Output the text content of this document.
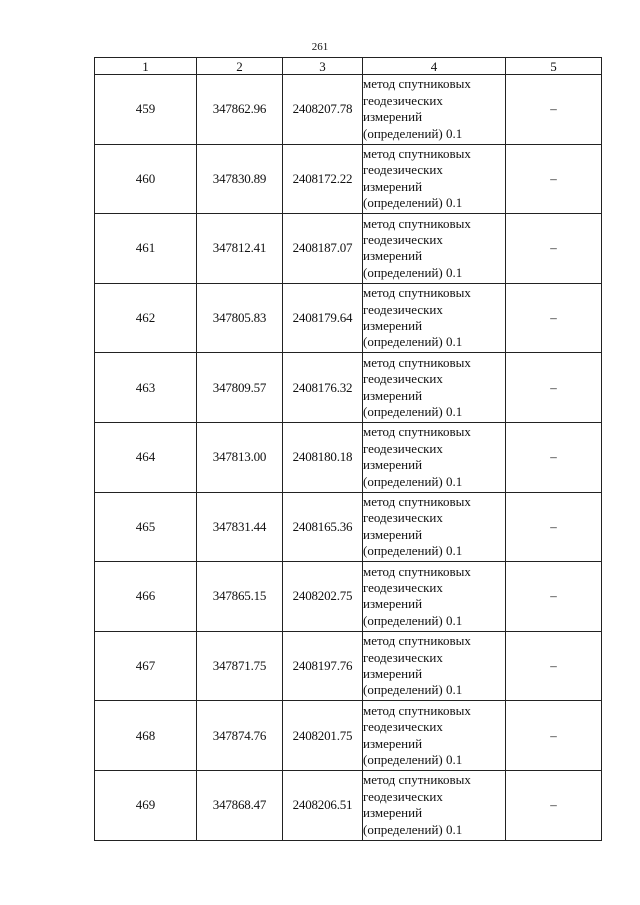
261
1	2	3	4	5
459	347862.96	2408207.78	метод спутниковых
геодезических
измерений
(определений) 0.1	–
460	347830.89	2408172.22	метод спутниковых
геодезических
измерений
(определений) 0.1	–
461	347812.41	2408187.07	метод спутниковых
геодезических
измерений
(определений) 0.1	–
462	347805.83	2408179.64	метод спутниковых
геодезических
измерений
(определений) 0.1	–
463	347809.57	2408176.32	метод спутниковых
геодезических
измерений
(определений) 0.1	–
464	347813.00	2408180.18	метод спутниковых
геодезических
измерений
(определений) 0.1	–
465	347831.44	2408165.36	метод спутниковых
геодезических
измерений
(определений) 0.1	–
466	347865.15	2408202.75	метод спутниковых
геодезических
измерений
(определений) 0.1	–
467	347871.75	2408197.76	метод спутниковых
геодезических
измерений
(определений) 0.1	–
468	347874.76	2408201.75	метод спутниковых
геодезических
измерений
(определений) 0.1	–
469	347868.47	2408206.51	метод спутниковых
геодезических
измерений
(определений) 0.1	–
